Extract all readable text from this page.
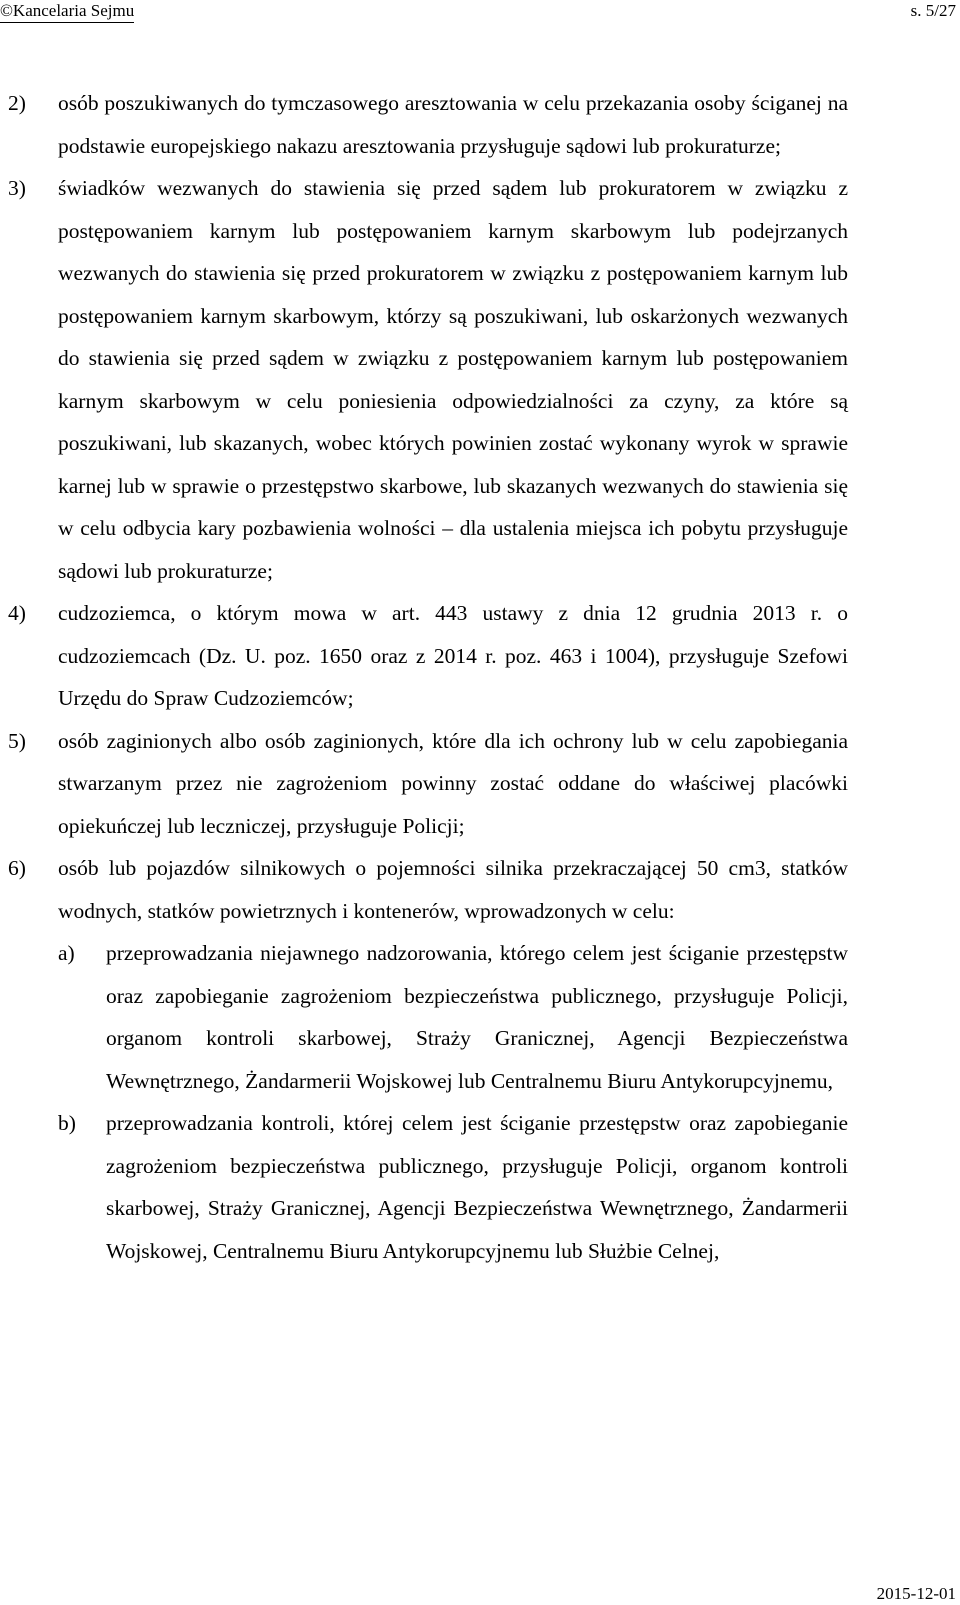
©Kancelaria Sejmu	s. 5/27
2) osób poszukiwanych do tymczasowego aresztowania w celu przekazania osoby ściganej na podstawie europejskiego nakazu aresztowania przysługuje sądowi lub prokuraturze;
3) świadków wezwanych do stawienia się przed sądem lub prokuratorem w związku z postępowaniem karnym lub postępowaniem karnym skarbowym lub podejrzanych wezwanych do stawienia się przed prokuratorem w związku z postępowaniem karnym lub postępowaniem karnym skarbowym, którzy są poszukiwani, lub oskarżonych wezwanych do stawienia się przed sądem w związku z postępowaniem karnym lub postępowaniem karnym skarbowym w celu poniesienia odpowiedzialności za czyny, za które są poszukiwani, lub skazanych, wobec których powinien zostać wykonany wyrok w sprawie karnej lub w sprawie o przestępstwo skarbowe, lub skazanych wezwanych do stawienia się w celu odbycia kary pozbawienia wolności – dla ustalenia miejsca ich pobytu przysługuje sądowi lub prokuraturze;
4) cudzoziemca, o którym mowa w art. 443 ustawy z dnia 12 grudnia 2013 r. o cudzoziemcach (Dz. U. poz. 1650 oraz z 2014 r. poz. 463 i 1004), przysługuje Szefowi Urzędu do Spraw Cudzoziemców;
5) osób zaginionych albo osób zaginionych, które dla ich ochrony lub w celu zapobiegania stwarzanym przez nie zagrożeniom powinny zostać oddane do właściwej placówki opiekuńczej lub leczniczej, przysługuje Policji;
6) osób lub pojazdów silnikowych o pojemności silnika przekraczającej 50 cm3, statków wodnych, statków powietrznych i kontenerów, wprowadzonych w celu:
a) przeprowadzania niejawnego nadzorowania, którego celem jest ściganie przestępstw oraz zapobieganie zagrożeniom bezpieczeństwa publicznego, przysługuje Policji, organom kontroli skarbowej, Straży Granicznej, Agencji Bezpieczeństwa Wewnętrznego, Żandarmerii Wojskowej lub Centralnemu Biuru Antykorupcyjnemu,
b) przeprowadzania kontroli, której celem jest ściganie przestępstw oraz zapobieganie zagrożeniom bezpieczeństwa publicznego, przysługuje Policji, organom kontroli skarbowej, Straży Granicznej, Agencji Bezpieczeństwa Wewnętrznego, Żandarmerii Wojskowej, Centralnemu Biuru Antykorupcyjnemu lub Służbie Celnej,
2015-12-01
